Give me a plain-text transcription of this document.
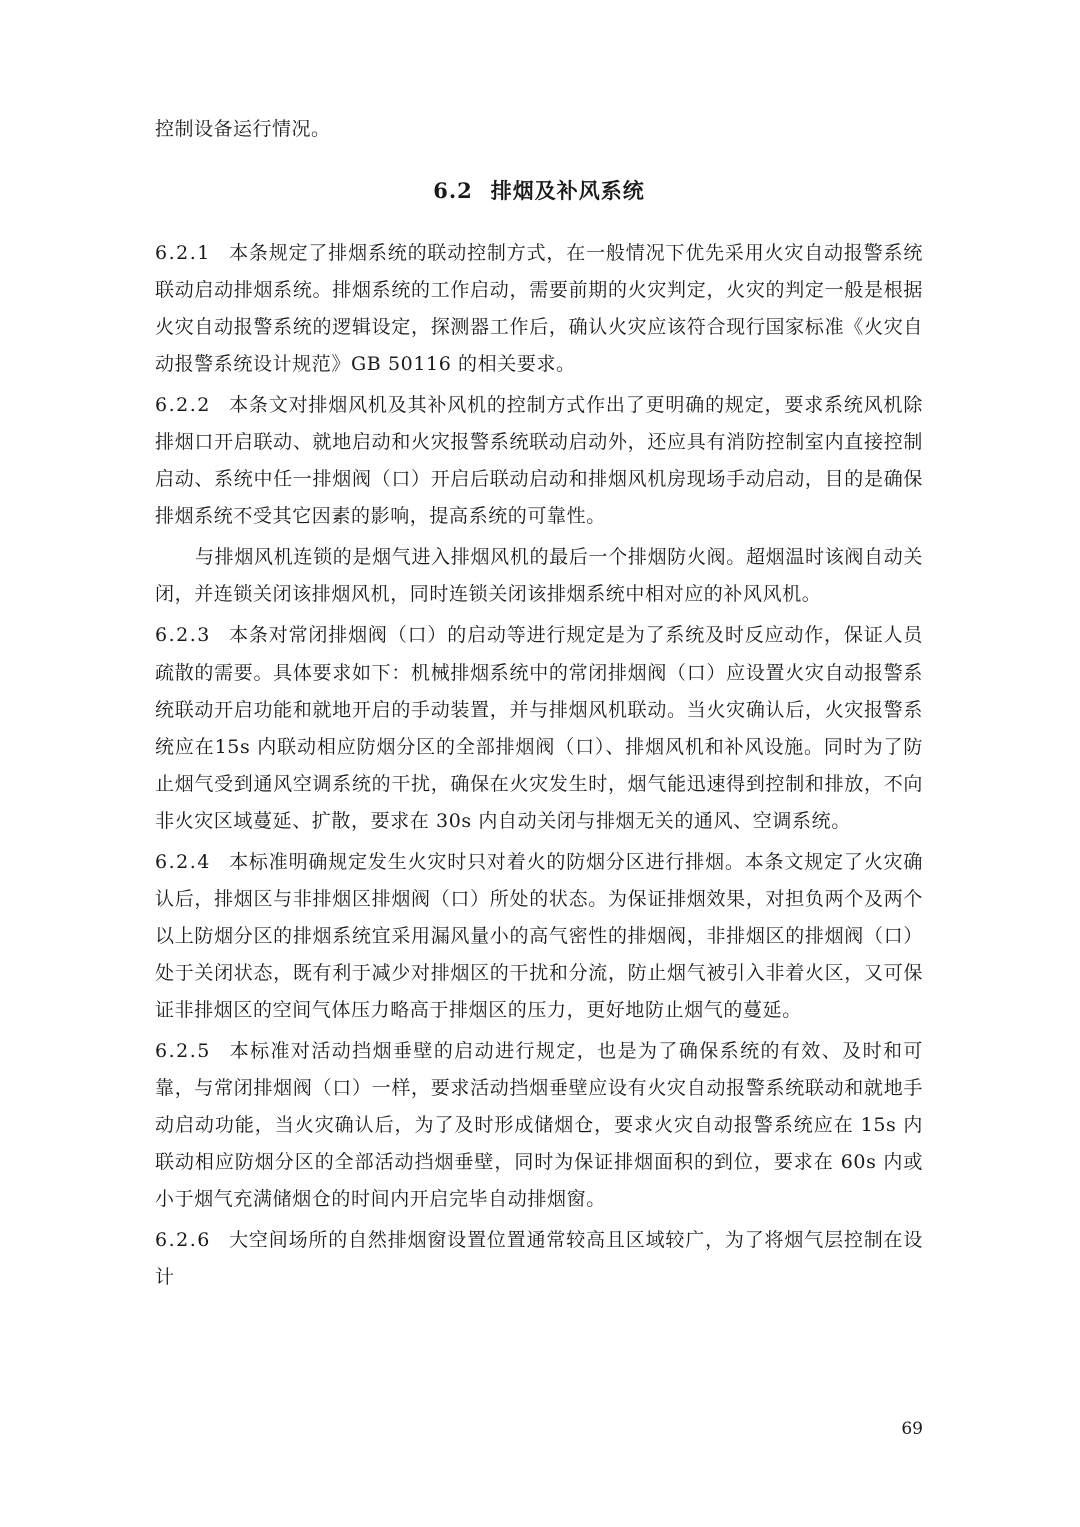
控制设备运行情况。

6.2 排烟及补风系统

6.2.1 本条规定了排烟系统的联动控制方式，在一般情况下优先采用火灾自动报警系统联动启动排烟系统。排烟系统的工作启动，需要前期的火灾判定，火灾的判定一般是根据火灾自动报警系统的逻辑设定，探测器工作后，确认火灾应该符合现行国家标准《火灾自动报警系统设计规范》GB 50116 的相关要求。

6.2.2 本条文对排烟风机及其补风机的控制方式作出了更明确的规定，要求系统风机除排烟口开启联动、就地启动和火灾报警系统联动启动外，还应具有消防控制室内直接控制启动、系统中任一排烟阀（口）开启后联动启动和排烟风机房现场手动启动，目的是确保排烟系统不受其它因素的影响，提高系统的可靠性。

与排烟风机连锁的是烟气进入排烟风机的最后一个排烟防火阀。超烟温时该阀自动关闭，并连锁关闭该排烟风机，同时连锁关闭该排烟系统中相对应的补风风机。

6.2.3 本条对常闭排烟阀（口）的启动等进行规定是为了系统及时反应动作，保证人员疏散的需要。具体要求如下：机械排烟系统中的常闭排烟阀（口）应设置火灾自动报警系统联动开启功能和就地开启的手动装置，并与排烟风机联动。当火灾确认后，火灾报警系统应在15s 内联动相应防烟分区的全部排烟阀（口）、排烟风机和补风设施。同时为了防止烟气受到通风空调系统的干扰，确保在火灾发生时，烟气能迅速得到控制和排放，不向非火灾区域蔓延、扩散，要求在 30s 内自动关闭与排烟无关的通风、空调系统。

6.2.4 本标准明确规定发生火灾时只对着火的防烟分区进行排烟。本条文规定了火灾确认后，排烟区与非排烟区排烟阀（口）所处的状态。为保证排烟效果，对担负两个及两个以上防烟分区的排烟系统宜采用漏风量小的高气密性的排烟阀，非排烟区的排烟阀（口）处于关闭状态，既有利于减少对排烟区的干扰和分流，防止烟气被引入非着火区，又可保证非排烟区的空间气体压力略高于排烟区的压力，更好地防止烟气的蔓延。

6.2.5 本标准对活动挡烟垂壁的启动进行规定，也是为了确保系统的有效、及时和可靠，与常闭排烟阀（口）一样，要求活动挡烟垂壁应设有火灾自动报警系统联动和就地手动启动功能，当火灾确认后，为了及时形成储烟仓，要求火灾自动报警系统应在 15s 内联动相应防烟分区的全部活动挡烟垂壁，同时为保证排烟面积的到位，要求在 60s 内或小于烟气充满储烟仓的时间内开启完毕自动排烟窗。

6.2.6 大空间场所的自然排烟窗设置位置通常较高且区域较广，为了将烟气层控制在设计

69
